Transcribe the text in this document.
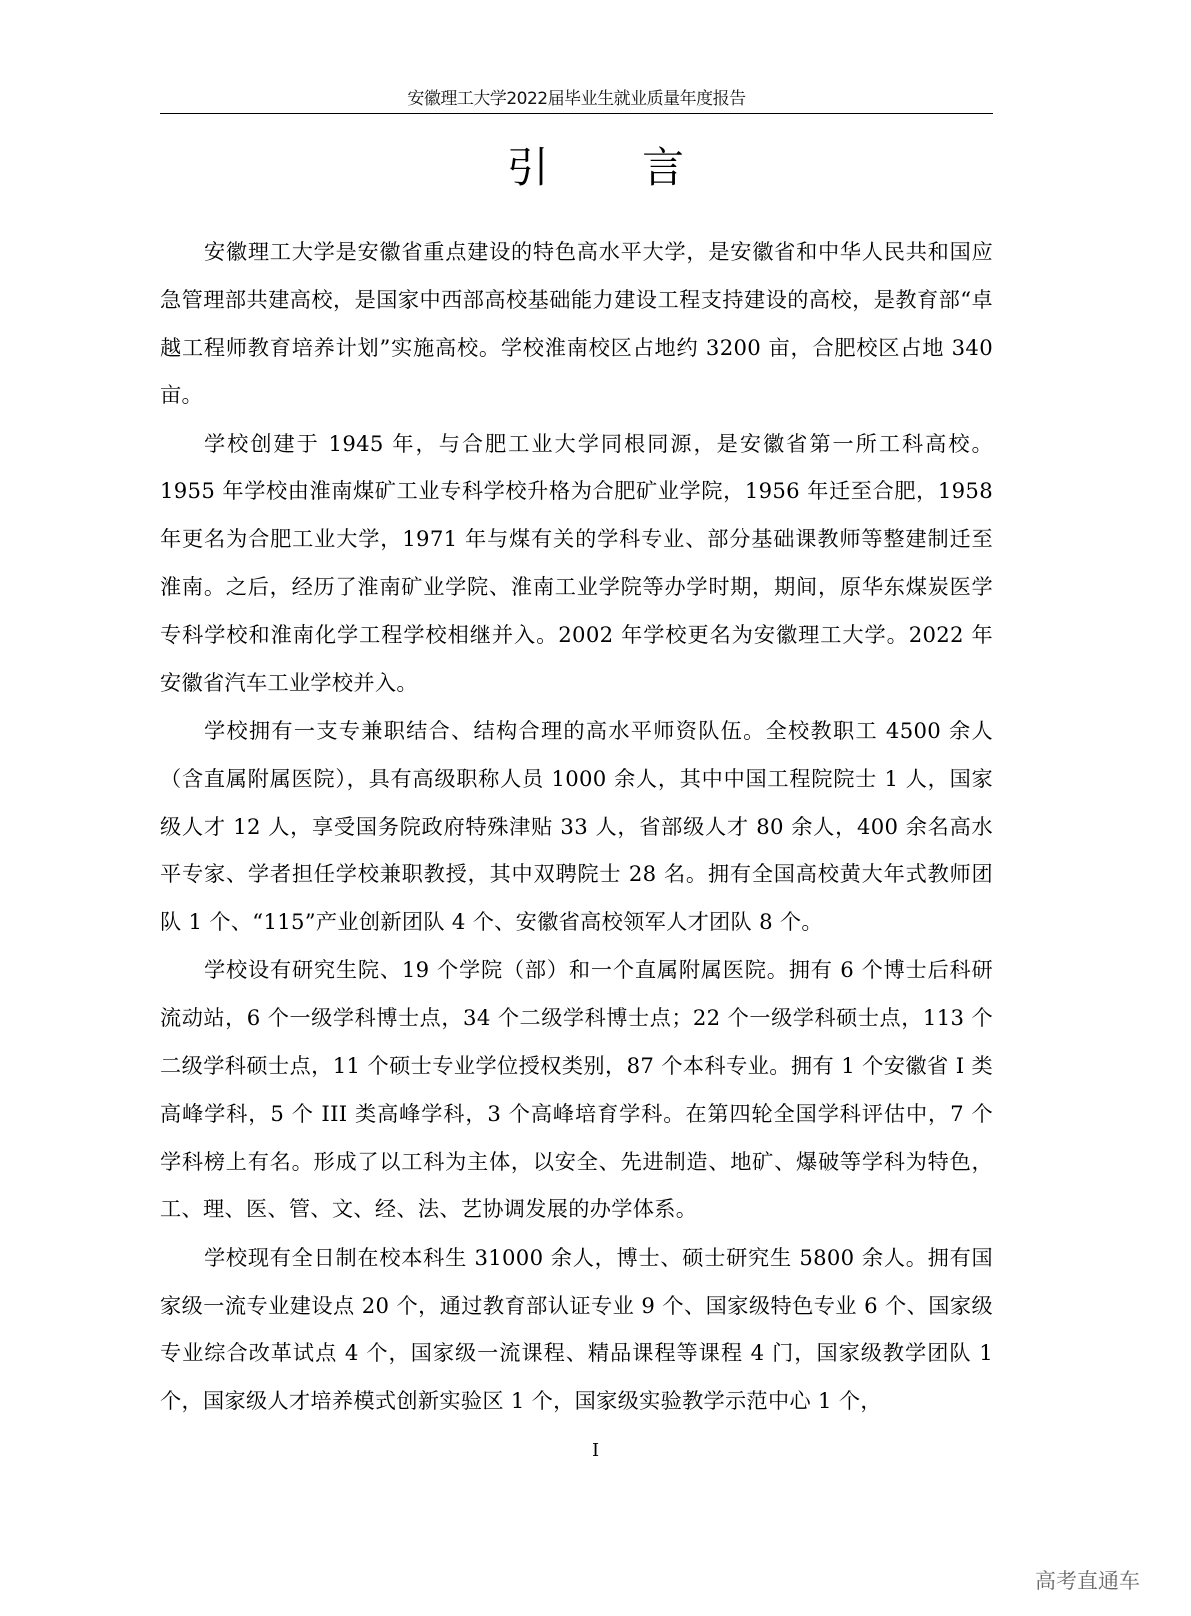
安徽理工大学2022届毕业生就业质量年度报告
引 言

安徽理工大学是安徽省重点建设的特色高水平大学，是安徽省和中华人民共和国应急管理部共建高校，是国家中西部高校基础能力建设工程支持建设的高校，是教育部“卓越工程师教育培养计划”实施高校。学校淮南校区占地约 3200 亩，合肥校区占地 340 亩。

学校创建于 1945 年，与合肥工业大学同根同源，是安徽省第一所工科高校。1955 年学校由淮南煤矿工业专科学校升格为合肥矿业学院，1956 年迁至合肥，1958 年更名为合肥工业大学，1971 年与煤有关的学科专业、部分基础课教师等整建制迁至淮南。之后，经历了淮南矿业学院、淮南工业学院等办学时期，期间，原华东煤炭医学专科学校和淮南化学工程学校相继并入。2002 年学校更名为安徽理工大学。2022 年安徽省汽车工业学校并入。

学校拥有一支专兼职结合、结构合理的高水平师资队伍。全校教职工 4500 余人（含直属附属医院），具有高级职称人员 1000 余人，其中中国工程院院士 1 人，国家级人才 12 人，享受国务院政府特殊津贴 33 人，省部级人才 80 余人，400 余名高水平专家、学者担任学校兼职教授，其中双聘院士 28 名。拥有全国高校黄大年式教师团队 1 个、“115”产业创新团队 4 个、安徽省高校领军人才团队 8 个。

学校设有研究生院、19 个学院（部）和一个直属附属医院。拥有 6 个博士后科研流动站，6 个一级学科博士点，34 个二级学科博士点；22 个一级学科硕士点，113 个二级学科硕士点，11 个硕士专业学位授权类别，87 个本科专业。拥有 1 个安徽省 I 类高峰学科，5 个 III 类高峰学科，3 个高峰培育学科。在第四轮全国学科评估中，7 个学科榜上有名。形成了以工科为主体，以安全、先进制造、地矿、爆破等学科为特色，工、理、医、管、文、经、法、艺协调发展的办学体系。

学校现有全日制在校本科生 31000 余人，博士、硕士研究生 5800 余人。拥有国家级一流专业建设点 20 个，通过教育部认证专业 9 个、国家级特色专业 6 个、国家级专业综合改革试点 4 个，国家级一流课程、精品课程等课程 4 门，国家级教学团队 1 个，国家级人才培养模式创新实验区 1 个，国家级实验教学示范中心 1 个，

I
高考直通车
